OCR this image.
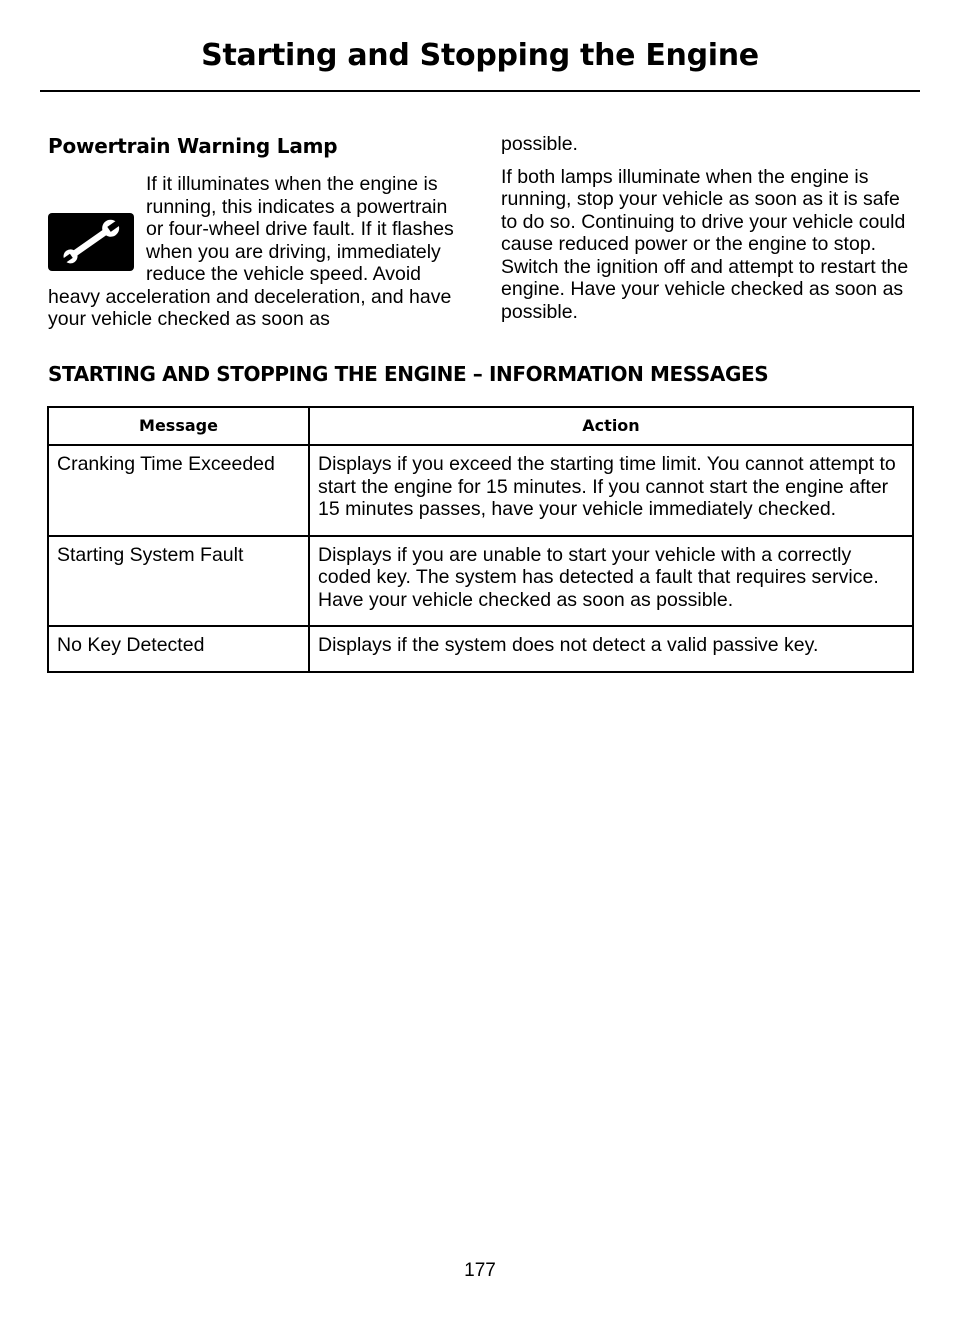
Starting and Stopping the Engine
Powertrain Warning Lamp

If it illuminates when the engine is running, this indicates a powertrain or four-wheel drive fault. If it flashes when you are driving, immediately reduce the vehicle speed. Avoid heavy acceleration and deceleration, and have your vehicle checked as soon as

possible.

If both lamps illuminate when the engine is running, stop your vehicle as soon as it is safe to do so. Continuing to drive your vehicle could cause reduced power or the engine to stop. Switch the ignition off and attempt to restart the engine. Have your vehicle checked as soon as possible.

STARTING AND STOPPING THE ENGINE – INFORMATION MESSAGES
Message	Action
Cranking Time Exceeded	Displays if you exceed the starting time limit. You cannot attempt to start the engine for 15 minutes. If you cannot start the engine after 15 minutes passes, have your vehicle immediately checked.
Starting System Fault	Displays if you are unable to start your vehicle with a correctly coded key. The system has detected a fault that requires service. Have your vehicle checked as soon as possible.
No Key Detected	Displays if the system does not detect a valid passive key.
177
